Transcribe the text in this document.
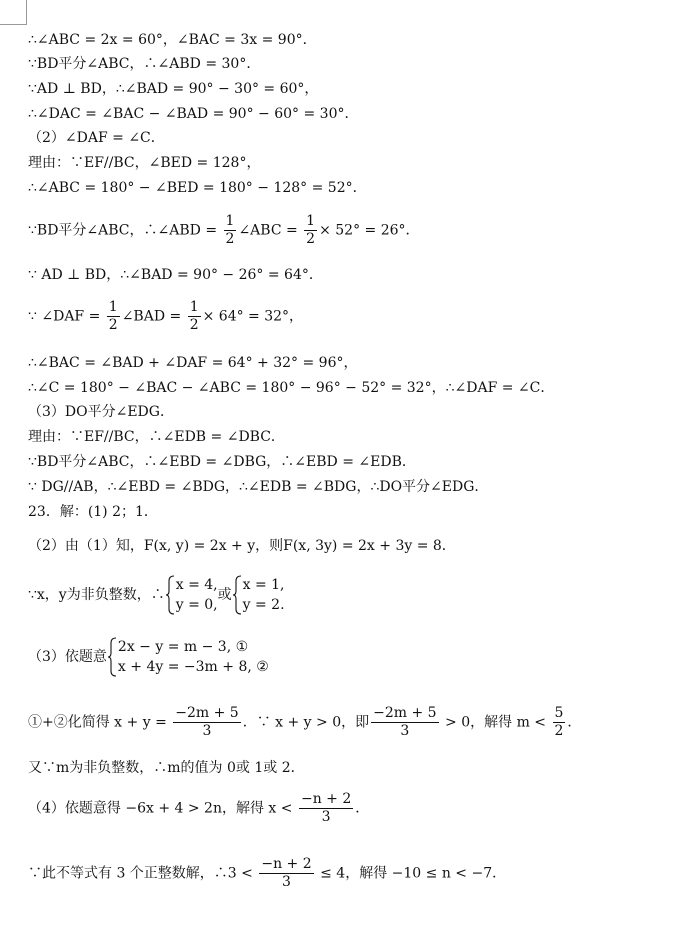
∴∠ABC = 2x = 60°，∠BAC = 3x = 90°．
∵BD平分∠ABC，∴∠ABD = 30°．
∵AD ⊥ BD，∴∠BAD = 90° − 30° = 60°，
∴∠DAC = ∠BAC − ∠BAD = 90° − 60° = 30°．
（2）∠DAF = ∠C．
理由：∵EF//BC，∠BED = 128°，
∴∠ABC = 180° − ∠BED = 180° − 128° = 52°．
∵BD平分∠ABC，∴∠ABD = $\frac{1}{2}$ ∠ABC = $\frac{1}{2} \times 52^\circ = 26^\circ$．
∵ AD ⊥ BD，∴∠BAD = 90° − 26° = 64°．
∵ ∠DAF = $\frac{1}{2}$ ∠BAD = $\frac{1}{2} \times 64^\circ = 32^\circ$，
∴∠BAC = ∠BAD + ∠DAF = 64° + 32° = 96°，
∴∠C = 180° − ∠BAC − ∠ABC = 180° − 96° − 52° = 32°，∴∠DAF = ∠C．
（3）DO平分∠EDG．
理由：∵EF//BC，∴∠EDB = ∠DBC．
∵BD平分∠ABC，∴∠EBD = ∠DBG，∴∠EBD = ∠EDB．
∵ DG//AB，∴∠EBD = ∠BDG，∴∠EDB = ∠BDG，∴DO平分∠EDG．
23．解：(1) 2；1．
（2）由（1）知，F(x, y) = 2x + y，则F(x, 3y) = 2x + 3y = 8．
∵x，y为非负整数，∴
x = 4,
y = 0,
或
x = 1,
y = 2.
（3）依题意
2x − y = m − 3, ①
x + 4y = −3m + 8, ②
①+②化简得 $x + y = \frac{-2m + 5}{3}$ ．∵ x + y > 0，即 $\frac{-2m + 5}{3} > 0$，解得 $m < \frac{5}{2}$ ．
又∵m为非负整数，∴m的值为 0或 1或 2．
（4）依题意得 −6x + 4 > 2n，解得 $x < \frac{-n + 2}{3}$ ．
∵此不等式有 3 个正整数解，∴3 < $\frac{-n + 2}{3} \le 4$，解得 −10 ≤ n < −7．
